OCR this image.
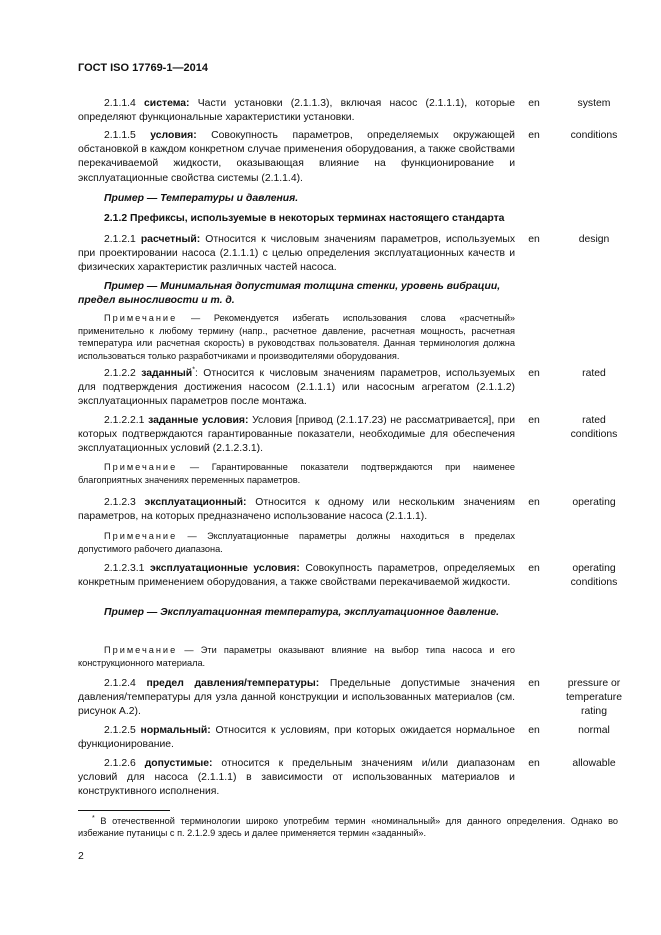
ГОСТ ISO 17769-1—2014
2.1.1.4 система: Части установки (2.1.1.3), включая насос (2.1.1.1), которые определяют функциональные характеристики установки.
en	system
2.1.1.5 условия: Совокупность параметров, определяемых окружающей обстановкой в каждом конкретном случае применения оборудования, а также свойствами перекачиваемой жидкости, оказывающая влияние на функционирование и эксплуатационные свойства системы (2.1.1.4).
en	conditions
Пример — Температуры и давления.
2.1.2 Префиксы, используемые в некоторых терминах настоящего стандарта
2.1.2.1 расчетный: Относится к числовым значениям параметров, используемых при проектировании насоса (2.1.1.1) с целью определения эксплуатационных качеств и физических характеристик различных частей насоса.
en	design
Пример — Минимальная допустимая толщина стенки, уровень вибрации, предел выносливости и т. д.
Примечание — Рекомендуется избегать использования слова «расчетный» применительно к любому термину (напр., расчетное давление, расчетная мощность, расчетная температура или расчетная скорость) в руководствах пользователя. Данная терминология должна использоваться только разработчиками и производителями оборудования.
2.1.2.2 заданный*: Относится к числовым значениям параметров, используемых для подтверждения достижения насосом (2.1.1.1) или насосным агрегатом (2.1.1.2) эксплуатационных параметров после монтажа.
en	rated
2.1.2.2.1 заданные условия: Условия [привод (2.1.17.23) не рассматривается], при которых подтверждаются гарантированные показатели, необходимые для обеспечения эксплуатационных условий (2.1.2.3.1).
en	rated conditions
Примечание — Гарантированные показатели подтверждаются при наименее благоприятных значениях переменных параметров.
2.1.2.3 эксплуатационный: Относится к одному или нескольким значениям параметров, на которых предназначено использование насоса (2.1.1.1).
en	operating
Примечание — Эксплуатационные параметры должны находиться в пределах допустимого рабочего диапазона.
2.1.2.3.1 эксплуатационные условия: Совокупность параметров, определяемых конкретным применением оборудования, а также свойствами перекачиваемой жидкости.
en	operating conditions
Пример — Эксплуатационная температура, эксплуатационное давление.
Примечание — Эти параметры оказывают влияние на выбор типа насоса и его конструкционного материала.
2.1.2.4 предел давления/температуры: Предельные допустимые значения давления/температуры для узла данной конструкции и использованных материалов (см. рисунок А.2).
en	pressure or temperature rating
2.1.2.5 нормальный: Относится к условиям, при которых ожидается нормальное функционирование.
en	normal
2.1.2.6 допустимые: относится к предельным значениям и/или диапазонам условий для насоса (2.1.1.1) в зависимости от использованных материалов и конструктивного исполнения.
en	allowable
* В отечественной терминологии широко употребим термин «номинальный» для данного определения. Однако во избежание путаницы с п. 2.1.2.9 здесь и далее применяется термин «заданный».
2
